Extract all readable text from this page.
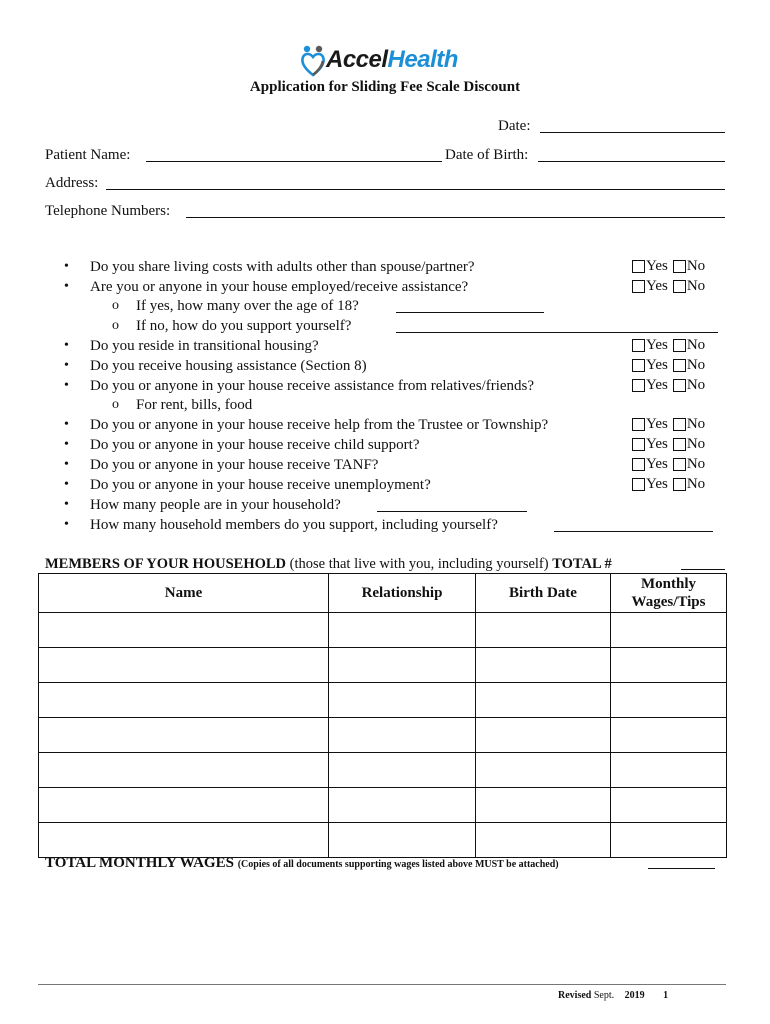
AccelHealth
Application for Sliding Fee Scale Discount
Date:
Patient Name:	Date of Birth:
Address:
Telephone Numbers:
• Do you share living costs with adults other than spouse/partner?	Yes No
• Are you or anyone in your house employed/receive assistance?	Yes No
o If yes, how many over the age of 18?
o If no, how do you support yourself?
• Do you reside in transitional housing?	Yes No
• Do you receive housing assistance (Section 8)	Yes No
• Do you or anyone in your house receive assistance from relatives/friends?	Yes No
o For rent, bills, food
• Do you or anyone in your house receive help from the Trustee or Township?	Yes No
• Do you or anyone in your house receive child support?	Yes No
• Do you or anyone in your house receive TANF?	Yes No
• Do you or anyone in your house receive unemployment?	Yes No
• How many people are in your household?
• How many household members do you support, including yourself?
MEMBERS OF YOUR HOUSEHOLD (those that live with you, including yourself) TOTAL #
Name	Relationship	Birth Date	Monthly
Wages/Tips

TOTAL MONTHLY WAGES (Copies of all documents supporting wages listed above MUST be attached)
Revised Sept. 2019 1
